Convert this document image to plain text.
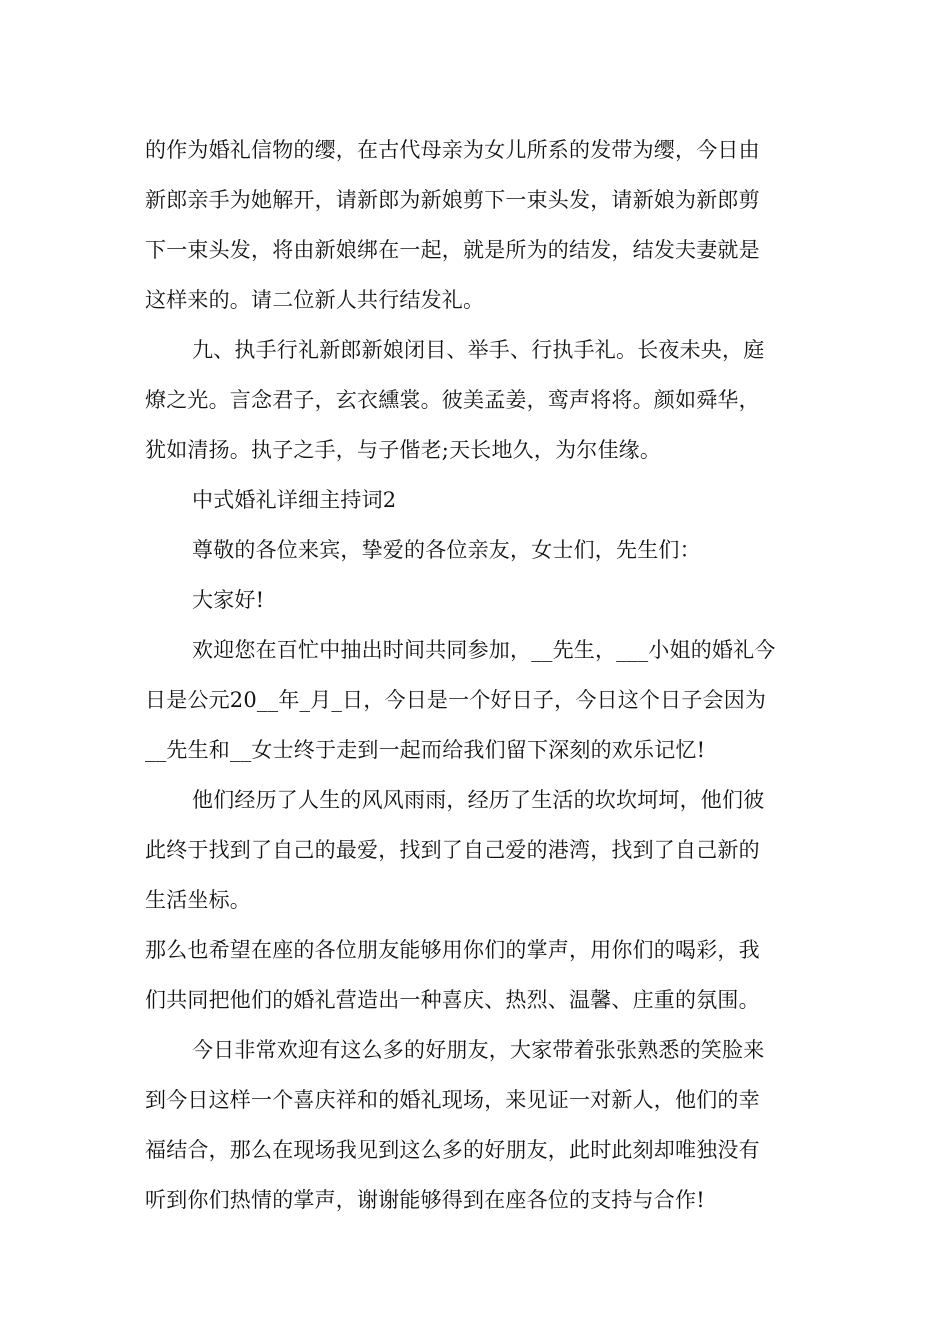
的作为婚礼信物的缨，在古代母亲为女儿所系的发带为缨，今日由
新郎亲手为她解开，请新郎为新娘剪下一束头发，请新娘为新郎剪
下一束头发，将由新娘绑在一起，就是所为的结发，结发夫妻就是
这样来的。请二位新人共行结发礼。
九、执手行礼新郎新娘闭目、举手、行执手礼。长夜未央，庭
燎之光。言念君子，玄衣纁裳。彼美孟姜，鸾声将将。颜如舜华，
犹如清扬。执子之手，与子偕老;天长地久，为尔佳缘。
中式婚礼详细主持词2
尊敬的各位来宾，挚爱的各位亲友，女士们，先生们：
大家好!
欢迎您在百忙中抽出时间共同参加，__先生，___小姐的婚礼今
日是公元20__年_月_日，今日是一个好日子，今日这个日子会因为
__先生和__女士终于走到一起而给我们留下深刻的欢乐记忆!
他们经历了人生的风风雨雨，经历了生活的坎坎坷坷，他们彼
此终于找到了自己的最爱，找到了自己爱的港湾，找到了自己新的
生活坐标。
那么也希望在座的各位朋友能够用你们的掌声，用你们的喝彩，我
们共同把他们的婚礼营造出一种喜庆、热烈、温馨、庄重的氛围。
今日非常欢迎有这么多的好朋友，大家带着张张熟悉的笑脸来
到今日这样一个喜庆祥和的婚礼现场，来见证一对新人，他们的幸
福结合，那么在现场我见到这么多的好朋友，此时此刻却唯独没有
听到你们热情的掌声，谢谢能够得到在座各位的支持与合作!
